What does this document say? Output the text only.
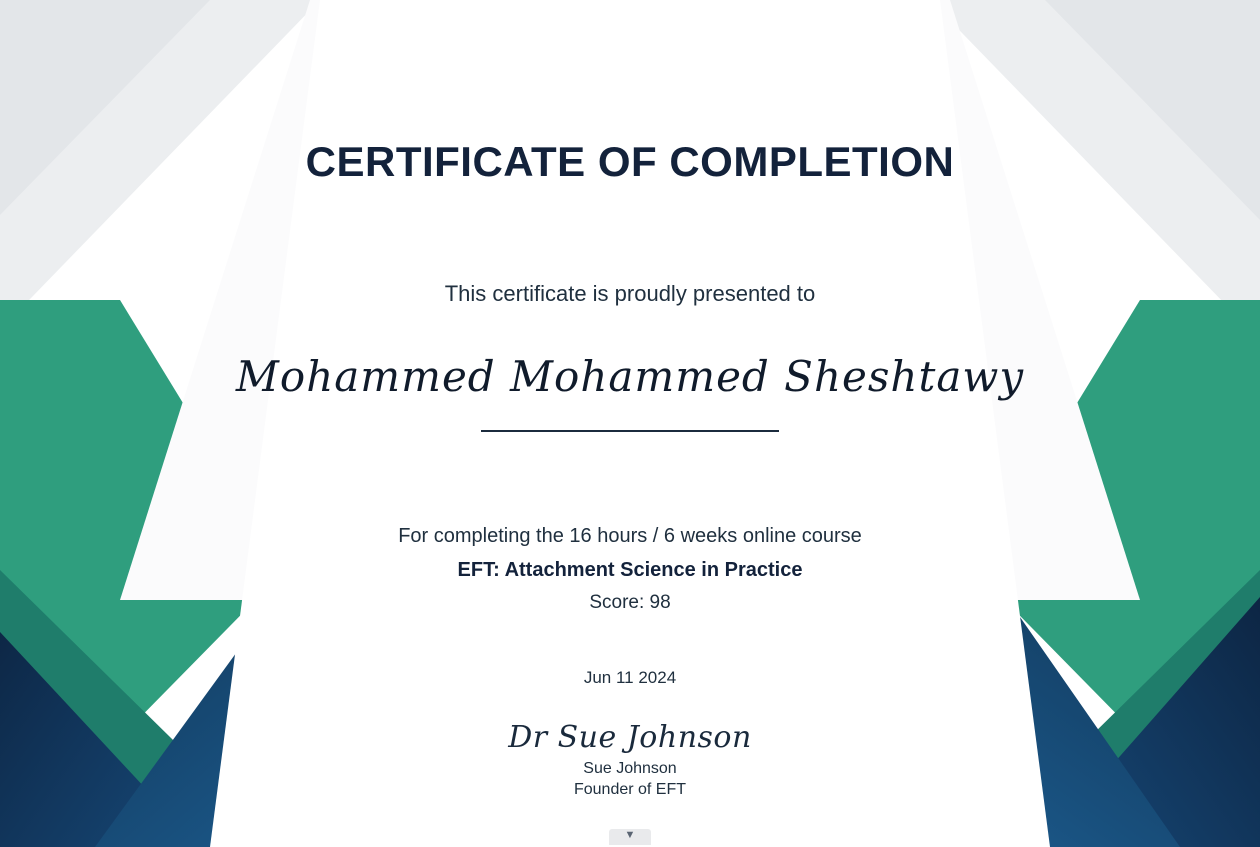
CERTIFICATE OF COMPLETION
This certificate is proudly presented to
Mohammed Mohammed Sheshtawy
For completing the 16 hours / 6 weeks online course
EFT: Attachment Science in Practice
Score: 98
Jun 11 2024
Dr Sue Johnson
Sue Johnson
Founder of EFT
▼
